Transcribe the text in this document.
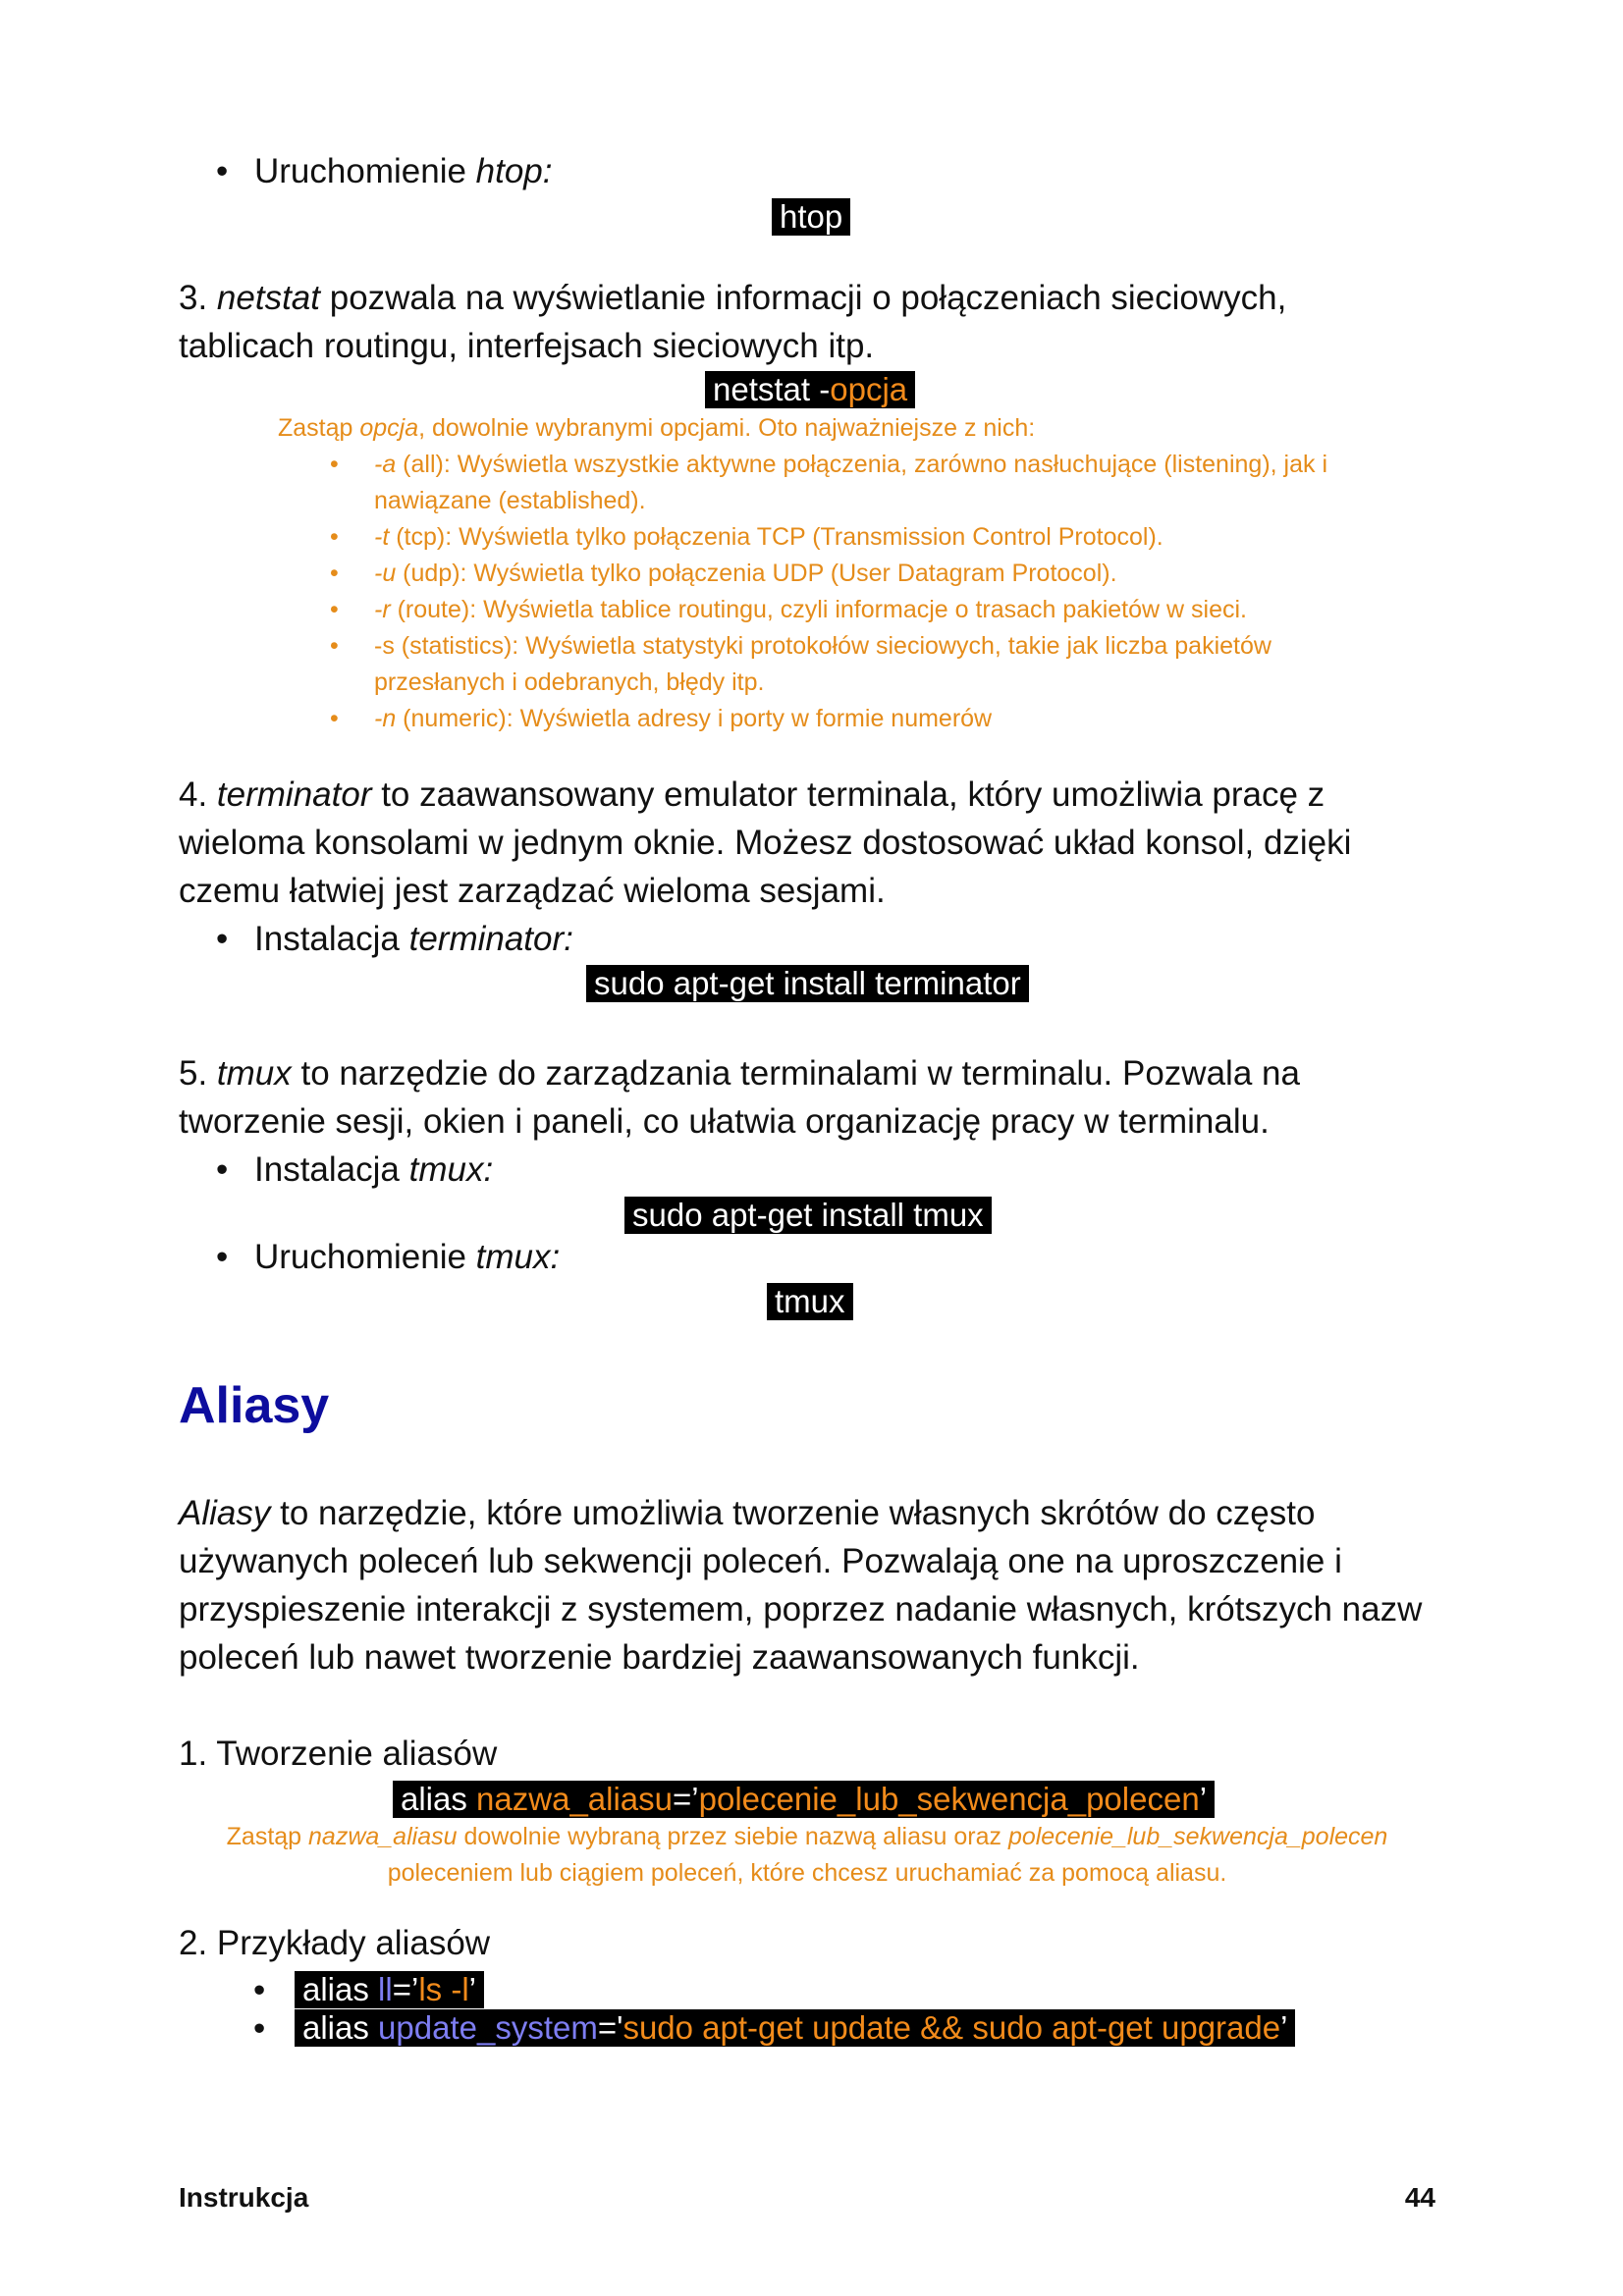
• Uruchomienie htop:
htop
3. netstat pozwala na wyświetlanie informacji o połączeniach sieciowych,
tablicach routingu, interfejsach sieciowych itp.
netstat -opcja
Zastąp opcja, dowolnie wybranymi opcjami. Oto najważniejsze z nich:
• -a (all): Wyświetla wszystkie aktywne połączenia, zarówno nasłuchujące (listening), jak i
nawiązane (established).
• -t (tcp): Wyświetla tylko połączenia TCP (Transmission Control Protocol).
• -u (udp): Wyświetla tylko połączenia UDP (User Datagram Protocol).
• -r (route): Wyświetla tablice routingu, czyli informacje o trasach pakietów w sieci.
• -s (statistics): Wyświetla statystyki protokołów sieciowych, takie jak liczba pakietów
przesłanych i odebranych, błędy itp.
• -n (numeric): Wyświetla adresy i porty w formie numerów
4. terminator to zaawansowany emulator terminala, który umożliwia pracę z
wieloma konsolami w jednym oknie. Możesz dostosować układ konsol, dzięki
czemu łatwiej jest zarządzać wieloma sesjami.
• Instalacja terminator:
sudo apt-get install terminator
5. tmux to narzędzie do zarządzania terminalami w terminalu. Pozwala na
tworzenie sesji, okien i paneli, co ułatwia organizację pracy w terminalu.
• Instalacja tmux:
sudo apt-get install tmux
• Uruchomienie tmux:
tmux
Aliasy
Aliasy to narzędzie, które umożliwia tworzenie własnych skrótów do często
używanych poleceń lub sekwencji poleceń. Pozwalają one na uproszczenie i
przyspieszenie interakcji z systemem, poprzez nadanie własnych, krótszych nazw
poleceń lub nawet tworzenie bardziej zaawansowanych funkcji.
1. Tworzenie aliasów
alias nazwa_aliasu=’polecenie_lub_sekwencja_polecen’
Zastąp nazwa_aliasu dowolnie wybraną przez siebie nazwą aliasu oraz polecenie_lub_sekwencja_polecen
poleceniem lub ciągiem poleceń, które chcesz uruchamiać za pomocą aliasu.
2. Przykłady aliasów
• alias ll=’ls -l’
• alias update_system='sudo apt-get update && sudo apt-get upgrade’
Instrukcja	44
